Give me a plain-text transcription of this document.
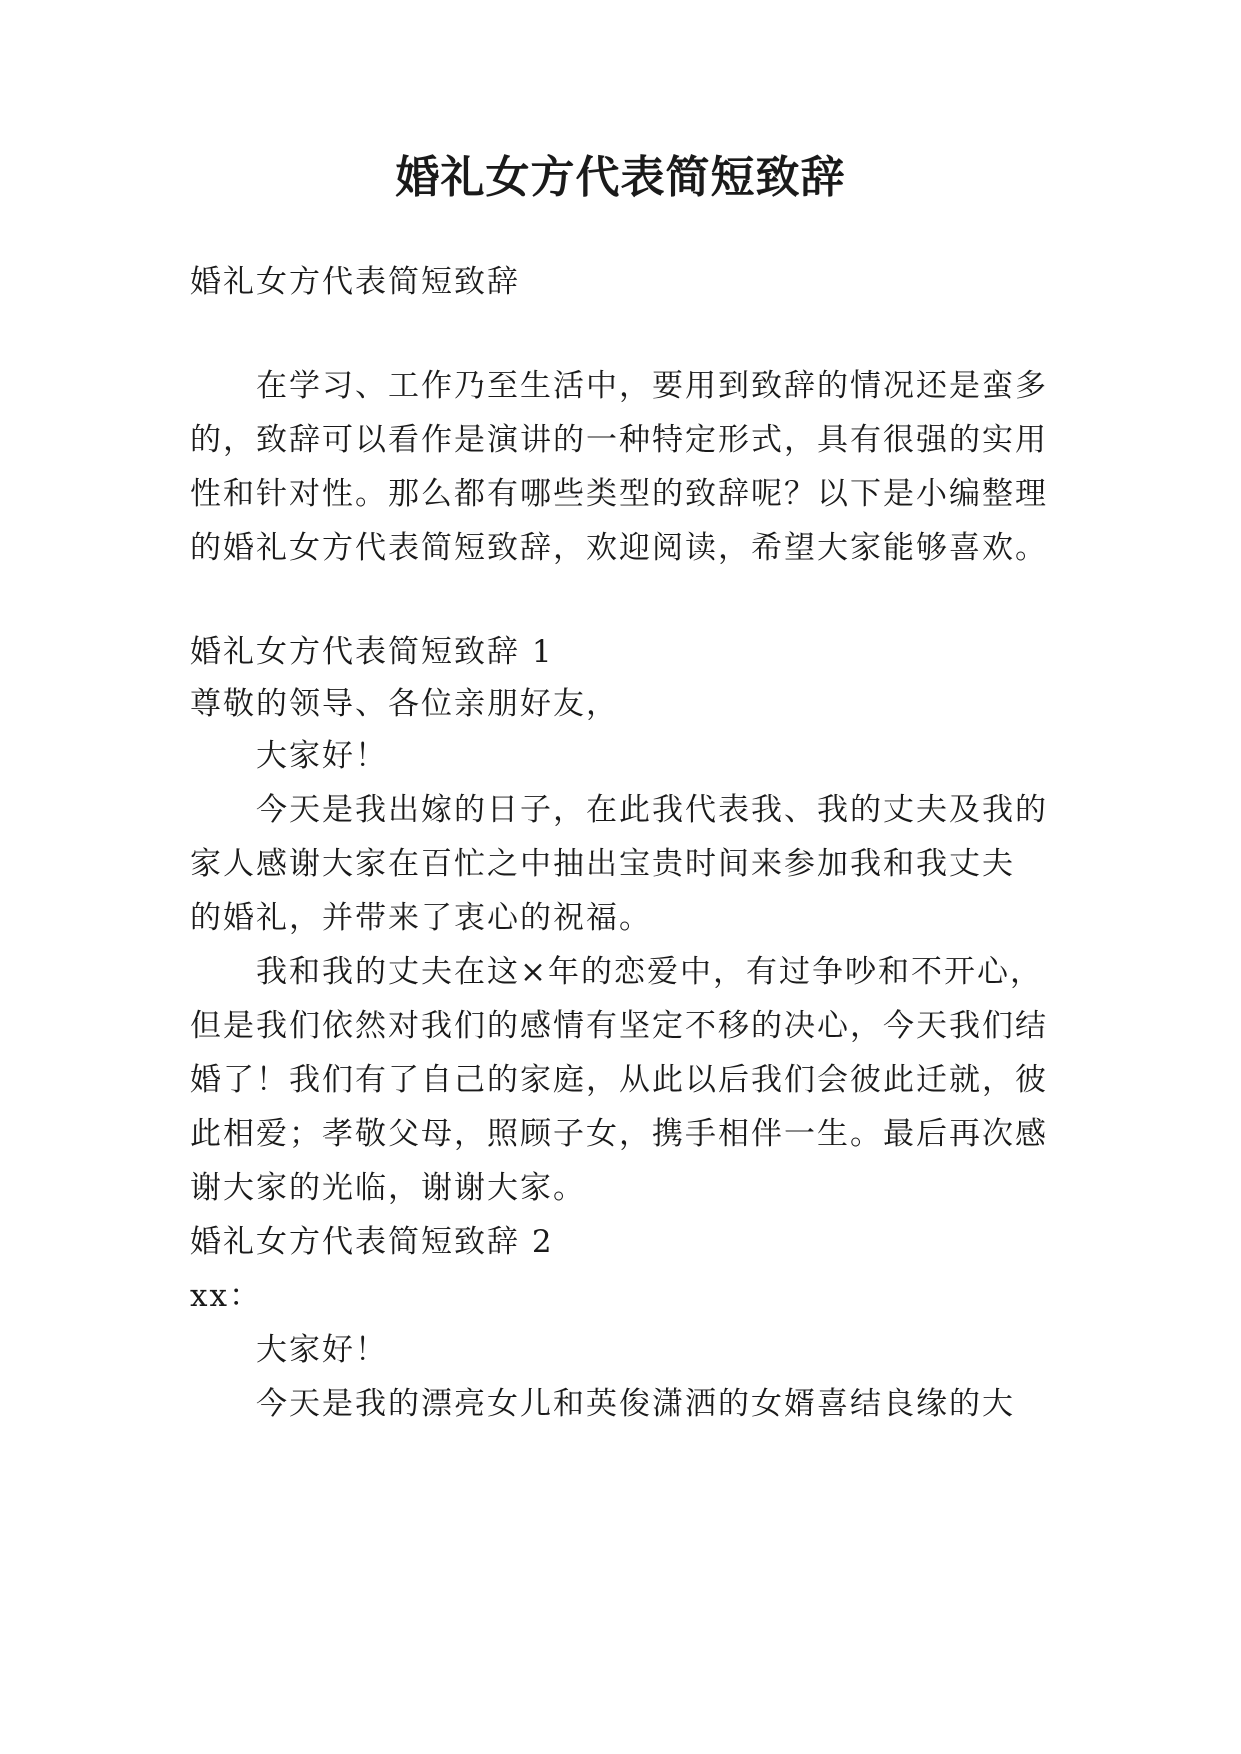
婚礼女方代表简短致辞
婚礼女方代表简短致辞
在学习、工作乃至生活中，要用到致辞的情况还是蛮多
的，致辞可以看作是演讲的一种特定形式，具有很强的实用
性和针对性。那么都有哪些类型的致辞呢？以下是小编整理
的婚礼女方代表简短致辞，欢迎阅读，希望大家能够喜欢。
婚礼女方代表简短致辞 1
尊敬的领导、各位亲朋好友，
大家好！
今天是我出嫁的日子，在此我代表我、我的丈夫及我的
家人感谢大家在百忙之中抽出宝贵时间来参加我和我丈夫
的婚礼，并带来了衷心的祝福。
我和我的丈夫在这×年的恋爱中，有过争吵和不开心，
但是我们依然对我们的感情有坚定不移的决心，今天我们结
婚了！我们有了自己的家庭，从此以后我们会彼此迁就，彼
此相爱；孝敬父母，照顾子女，携手相伴一生。最后再次感
谢大家的光临，谢谢大家。
婚礼女方代表简短致辞 2
xx：
大家好！
今天是我的漂亮女儿和英俊潇洒的女婿喜结良缘的大
